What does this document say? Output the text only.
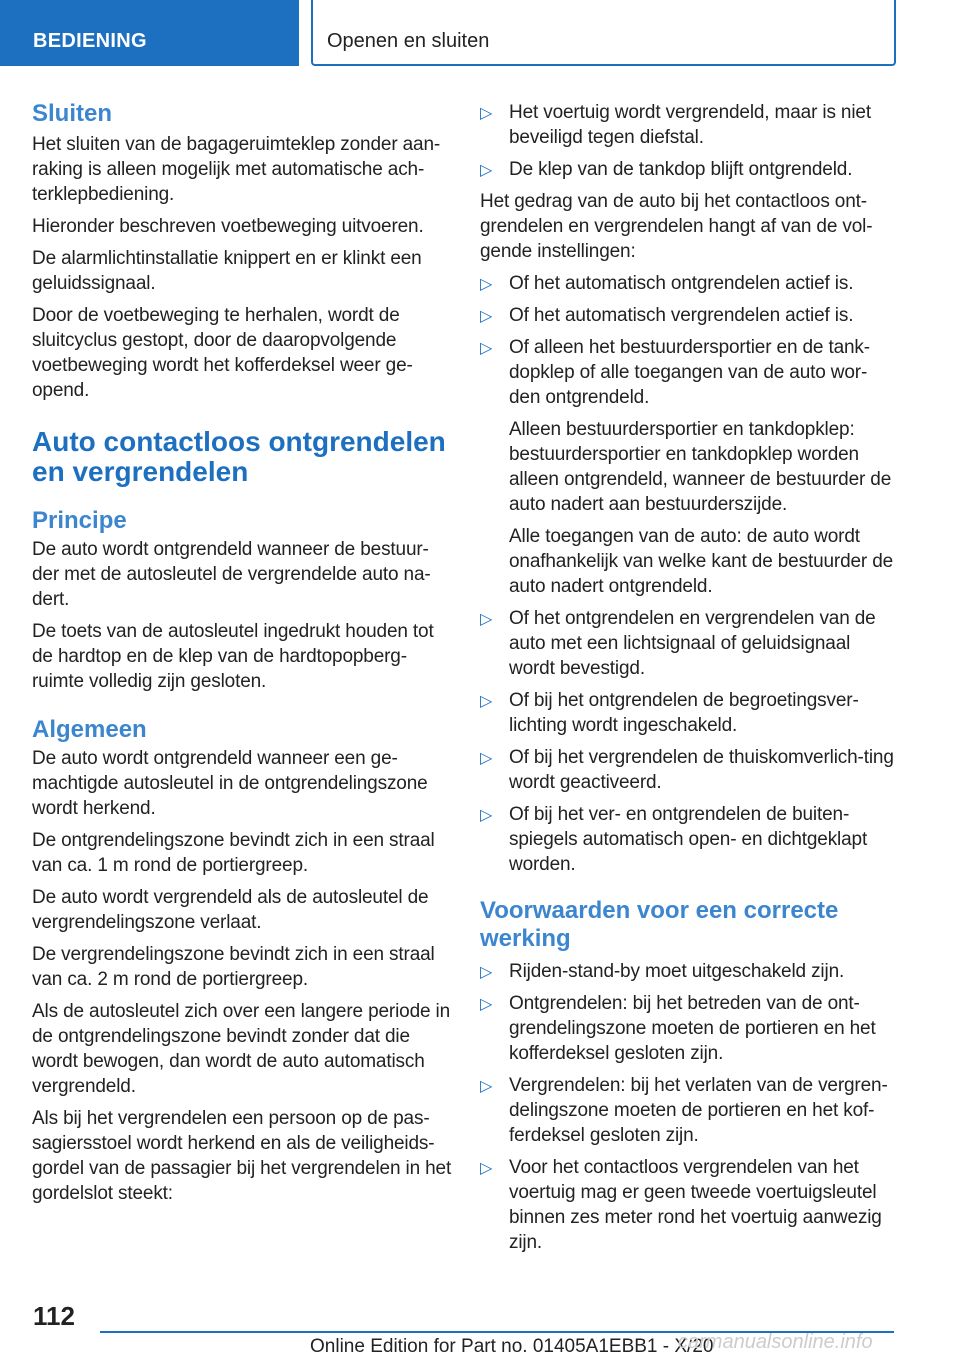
BEDIENING	Openen en sluiten
Sluiten
Het sluiten van de bagageruimteklep zonder aan-raking is alleen mogelijk met automatische ach-terklepbediening.
Hieronder beschreven voetbeweging uitvoeren.
De alarmlichtinstallatie knippert en er klinkt een geluidssignaal.
Door de voetbeweging te herhalen, wordt de sluitcyclus gestopt, door de daaropvolgende voetbeweging wordt het kofferdeksel weer ge-opend.
Auto contactloos ontgrendelen en vergrendelen
Principe
De auto wordt ontgrendeld wanneer de bestuur-der met de autosleutel de vergrendelde auto na-dert.
De toets van de autosleutel ingedrukt houden tot de hardtop en de klep van de hardtopopberg-ruimte volledig zijn gesloten.
Algemeen
De auto wordt ontgrendeld wanneer een ge-machtigde autosleutel in de ontgrendelingszone wordt herkend.
De ontgrendelingszone bevindt zich in een straal van ca. 1 m rond de portiergreep.
De auto wordt vergrendeld als de autosleutel de vergrendelingszone verlaat.
De vergrendelingszone bevindt zich in een straal van ca. 2 m rond de portiergreep.
Als de autosleutel zich over een langere periode in de ontgrendelingszone bevindt zonder dat die wordt bewogen, dan wordt de auto automatisch vergrendeld.
Als bij het vergrendelen een persoon op de pas-sagiersstoel wordt herkend en als de veiligheids-gordel van de passagier bij het vergrendelen in het gordelslot steekt:
▷ Het voertuig wordt vergrendeld, maar is niet beveiligd tegen diefstal.
▷ De klep van de tankdop blijft ontgrendeld.
Het gedrag van de auto bij het contactloos ont-grendelen en vergrendelen hangt af van de vol-gende instellingen:
▷ Of het automatisch ontgrendelen actief is.
▷ Of het automatisch vergrendelen actief is.
▷ Of alleen het bestuurdersportier en de tank-dopklep of alle toegangen van de auto wor-den ontgrendeld.
Alleen bestuurdersportier en tankdopklep: bestuurdersportier en tankdopklep worden alleen ontgrendeld, wanneer de bestuurder de auto nadert aan bestuurderszijde.
Alle toegangen van de auto: de auto wordt onafhankelijk van welke kant de bestuurder de auto nadert ontgrendeld.
▷ Of het ontgrendelen en vergrendelen van de auto met een lichtsignaal of geluidsignaal wordt bevestigd.
▷ Of bij het ontgrendelen de begroetingsver-lichting wordt ingeschakeld.
▷ Of bij het vergrendelen de thuiskomverlich-ting wordt geactiveerd.
▷ Of bij het ver- en ontgrendelen de buiten-spiegels automatisch open- en dichtgeklapt worden.
Voorwaarden voor een correcte werking
▷ Rijden-stand-by moet uitgeschakeld zijn.
▷ Ontgrendelen: bij het betreden van de ont-grendelingszone moeten de portieren en het kofferdeksel gesloten zijn.
▷ Vergrendelen: bij het verlaten van de vergren-delingszone moeten de portieren en het kof-ferdeksel gesloten zijn.
▷ Voor het contactloos vergrendelen van het voertuig mag er geen tweede voertuigsleutel binnen zes meter rond het voertuig aanwezig zijn.
112
Online Edition for Part no. 01405A1EBB1 - X/20
carmanualsonline.info
